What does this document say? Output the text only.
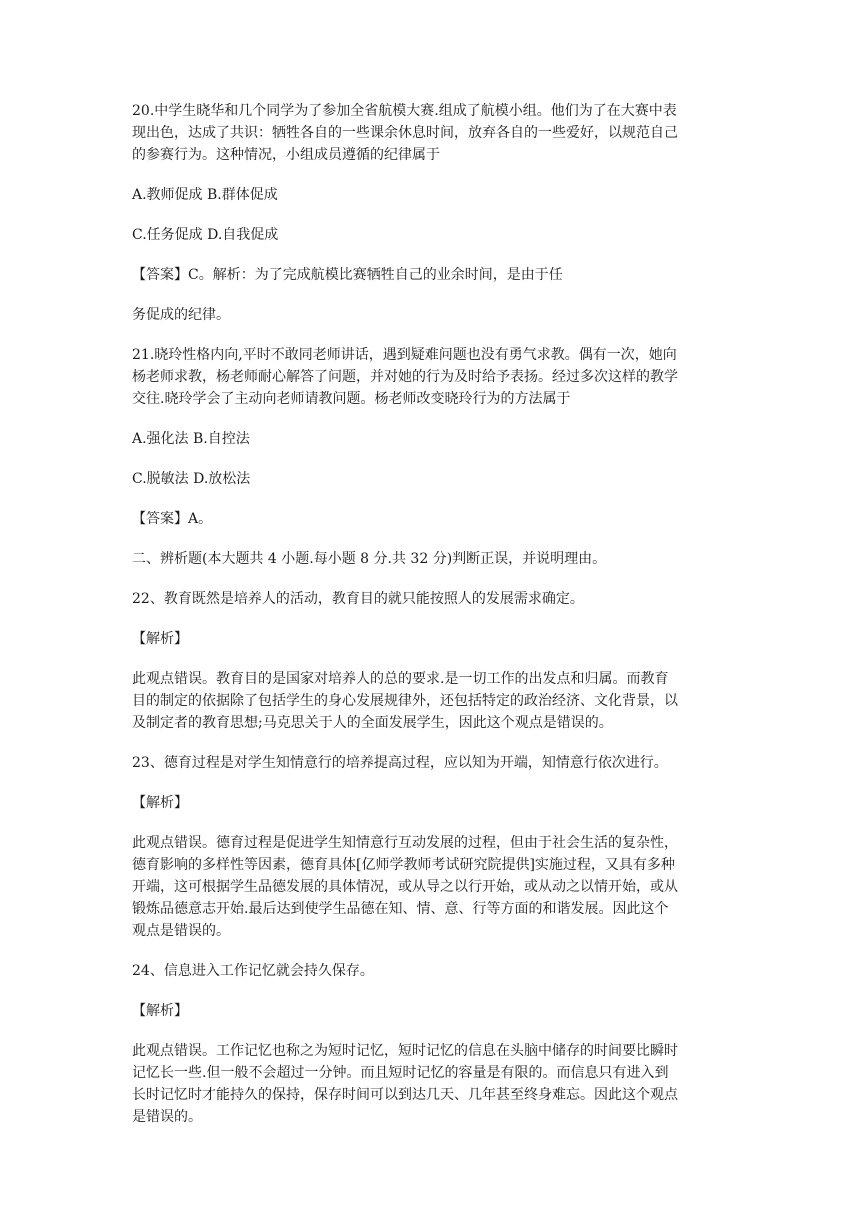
20.中学生晓华和几个同学为了参加全省航模大赛.组成了航模小组。他们为了在大赛中表
现出色，达成了共识：牺牲各自的一些课余休息时间，放弃各自的一些爱好，以规范自己
的参赛行为。这种情况，小组成员遵循的纪律属于

A.教师促成 B.群体促成

C.任务促成 D.自我促成

【答案】C。解析：为了完成航模比赛牺牲自己的业余时间，是由于任

务促成的纪律。

21.晓玲性格内向,平时不敢同老师讲话，遇到疑难问题也没有勇气求教。偶有一次，她向
杨老师求教，杨老师耐心解答了问题，并对她的行为及时给予表扬。经过多次这样的教学
交往.晓玲学会了主动向老师请教问题。杨老师改变晓玲行为的方法属于

A.强化法 B.自控法

C.脱敏法 D.放松法

【答案】A。

二、辨析题(本大题共 4 小题.每小题 8 分.共 32 分)判断正误，并说明理由。

22、教育既然是培养人的活动，教育目的就只能按照人的发展需求确定。

【解析】

此观点错误。教育目的是国家对培养人的总的要求.是一切工作的出发点和归属。而教育
目的制定的依据除了包括学生的身心发展规律外，还包括特定的政治经济、文化背景，以
及制定者的教育思想;马克思关于人的全面发展学生，因此这个观点是错误的。

23、德育过程是对学生知情意行的培养提高过程，应以知为开端，知情意行依次进行。

【解析】

此观点错误。德育过程是促进学生知情意行互动发展的过程，但由于社会生活的复杂性，
德育影响的多样性等因素，德育具体[亿师学教师考试研究院提供]实施过程，又具有多种
开端，这可根据学生品德发展的具体情况，或从导之以行开始，或从动之以情开始，或从
锻炼品德意志开始.最后达到使学生品德在知、情、意、行等方面的和谐发展。因此这个
观点是错误的。

24、信息进入工作记忆就会持久保存。

【解析】

此观点错误。工作记忆也称之为短时记忆，短时记忆的信息在头脑中储存的时间要比瞬时
记忆长一些.但一般不会超过一分钟。而且短时记忆的容量是有限的。而信息只有进入到
长时记忆时才能持久的保持，保存时间可以到达几天、几年甚至终身难忘。因此这个观点
是错误的。
